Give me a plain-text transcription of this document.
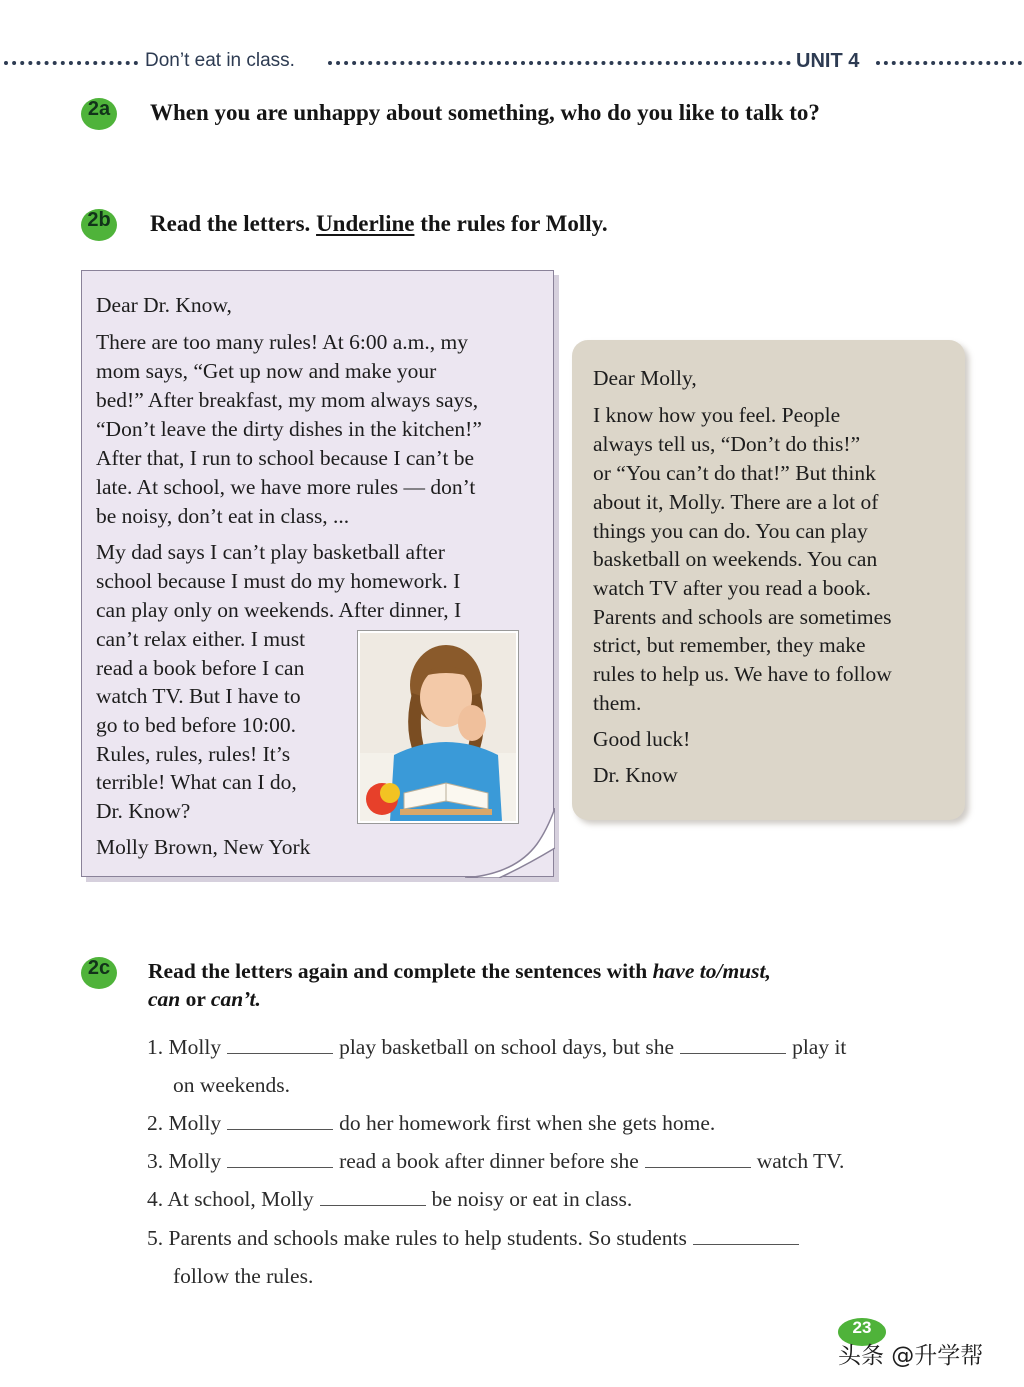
Don’t eat in class.	UNIT 4
2a When you are unhappy about something, who do you like to talk to?
2b Read the letters. Underline the rules for Molly.

Dear Dr. Know,

There are too many rules! At 6:00 a.m., my

mom says, “Get up now and make your

bed!” After breakfast, my mom always says,

“Don’t leave the dirty dishes in the kitchen!”

After that, I run to school because I can’t be

late. At school, we have more rules — don’t

be noisy, don’t eat in class, ...

My dad says I can’t play basketball after

school because I must do my homework. I

can play only on weekends. After dinner, I

can’t relax either. I must

read a book before I can

watch TV. But I have to

go to bed before 10:00.

Rules, rules, rules! It’s

terrible! What can I do,

Dr. Know?

Molly Brown, New York

Dear Molly,

I know how you feel. People

always tell us, “Don’t do this!”

or “You can’t do that!” But think

about it, Molly. There are a lot of

things you can do. You can play

basketball on weekends. You can

watch TV after you read a book.

Parents and schools are sometimes

strict, but remember, they make

rules to help us. We have to follow

them.

Good luck!

Dr. Know

2c	Read the letters again and complete the sentences with have to/must,
can or can’t.
1. Molly	play basketball on school days, but she	play it
on weekends.
2. Molly	do her homework first when she gets home.
3. Molly	read a book after dinner before she	watch TV.
4. At school, Molly	be noisy or eat in class.
5. Parents and schools make rules to help students. So students
follow the rules.
23
头条 @升学帮
